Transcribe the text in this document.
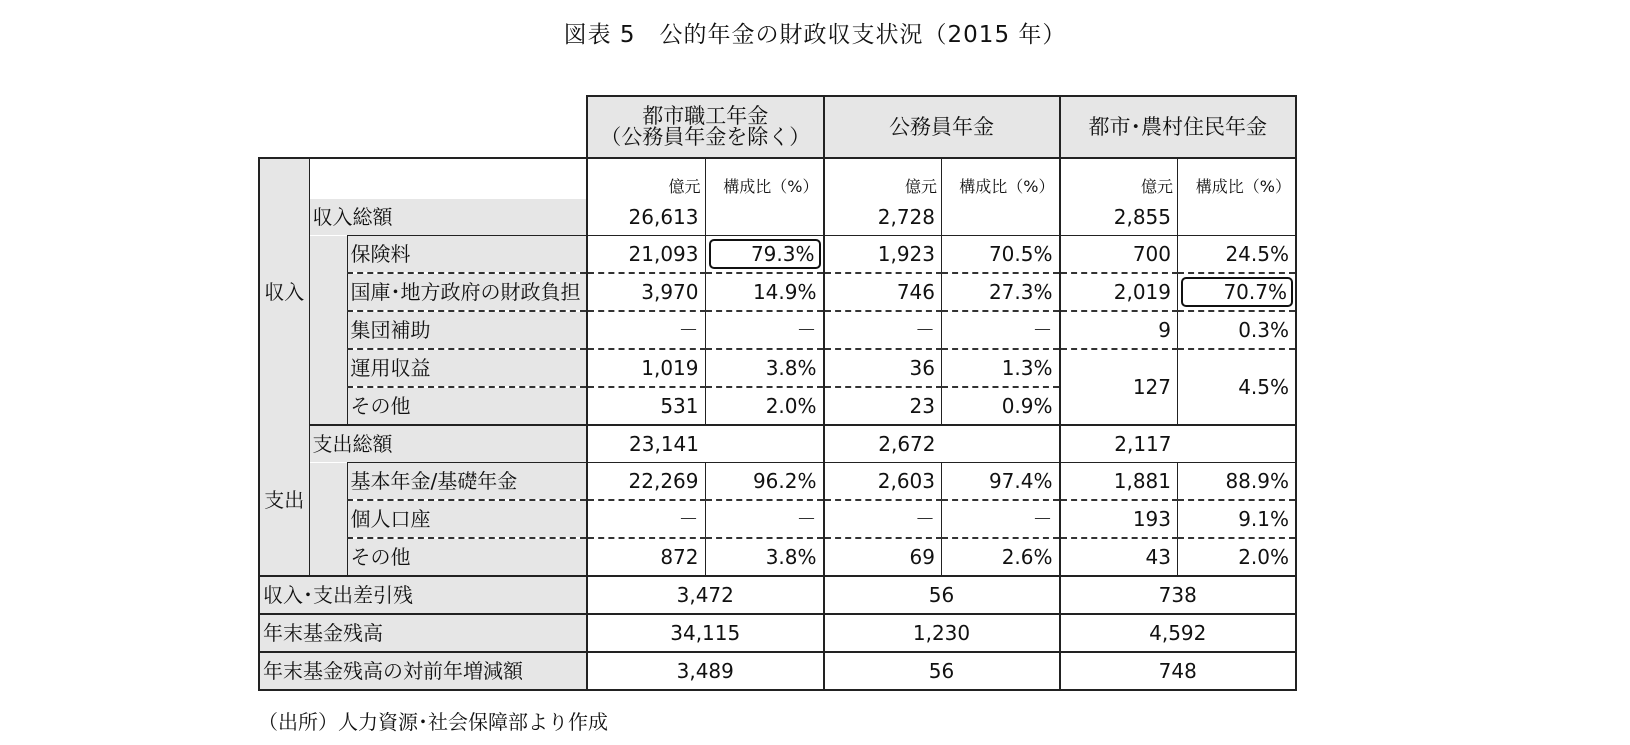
図表 5　公的年金の財政収支状況（2015 年）

			都市職工年金
（公務員年金を除く）		公務員年金		都市･農村住民年金	
収入			億元	構成比（%）	億元	構成比（%）	億元	構成比（%）
	収入総額		26,613		2,728		2,855	
		保険料	21,093	79.3%	1,923	70.5%	700	24.5%
		国庫･地方政府の財政負担	3,970	14.9%	746	27.3%	2,019	70.7%
		集団補助	－	－	－	－	9	0.3%
		運用収益	1,019	3.8%	36	1.3%	127	4.5%
		その他	531	2.0%	23	0.9%		
支出	支出総額		23,141		2,672		2,117	
		基本年金/基礎年金	22,269	96.2%	2,603	97.4%	1,881	88.9%
		個人口座	－	－	－	－	193	9.1%
		その他	872	3.8%	69	2.6%	43	2.0%
収入･支出差引残			3,472		56		738	
年末基金残高			34,115		1,230		4,592	
年末基金残高の対前年増減額			3,489		56		748	
（出所）人力資源･社会保障部より作成
